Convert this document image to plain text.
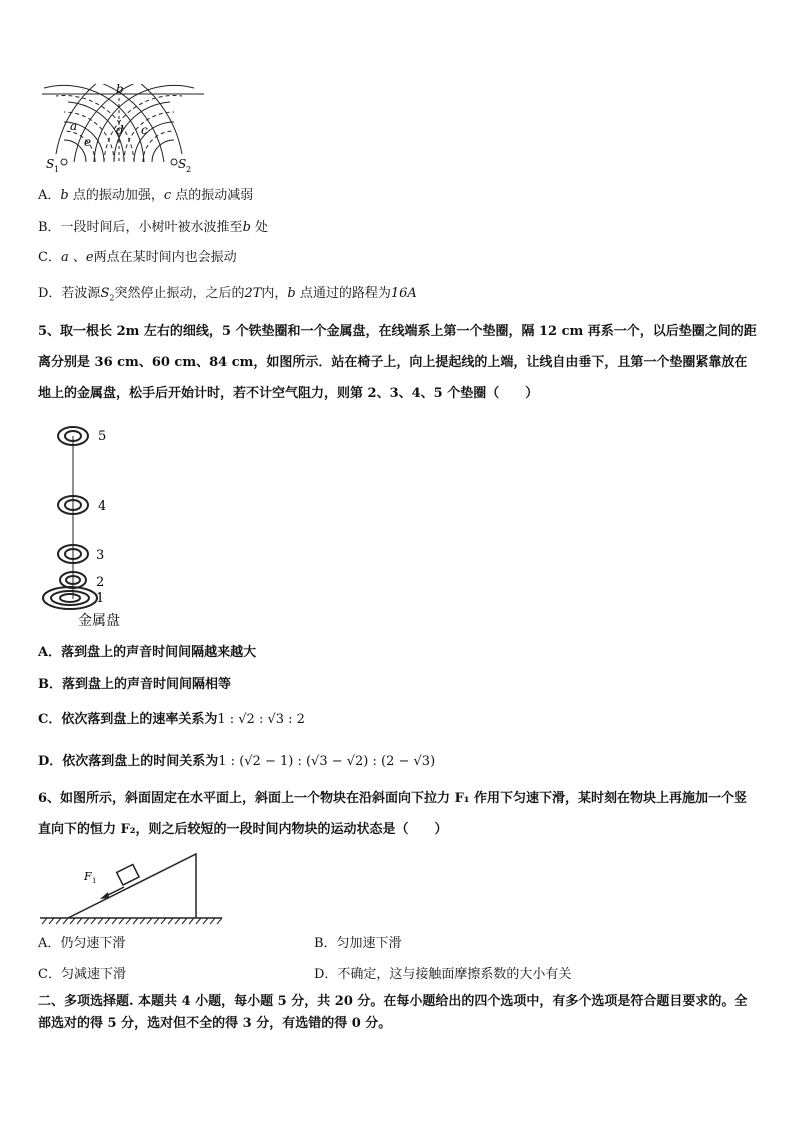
b
a	d c
e
S 1	S 2
A．b 点的振动加强，c 点的振动减弱
B．一段时间后，小树叶被水波推至b 处
C．a 、e两点在某时间内也会振动
D．若波源$S_2$突然停止振动，之后的2T内，b 点通过的路程为16A
5、取一根长 2m 左右的细线，5 个铁垫圈和一个金属盘，在线端系上第一个垫圈，隔 12 cm 再系一个，以后垫圈之间的距离分别是 36 cm、60 cm、84 cm，如图所示．站在椅子上，向上提起线的上端，让线自由垂下，且第一个垫圈紧靠放在地上的金属盘，松手后开始计时，若不计空气阻力，则第 2、3、4、5 个垫圈（　　）
5
4
3
2
1
金属盘
A．落到盘上的声音时间间隔越来越大
B．落到盘上的声音时间间隔相等
C．依次落到盘上的速率关系为1 : √2 : √3 : 2
D．依次落到盘上的时间关系为1 : (√2 − 1) : (√3 − √2) : (2 − √3)
6、如图所示，斜面固定在水平面上，斜面上一个物块在沿斜面向下拉力 F₁ 作用下匀速下滑，某时刻在物块上再施加一个竖直向下的恒力 F₂，则之后较短的一段时间内物块的运动状态是（　　）
F 1
A．仍匀速下滑	B．匀加速下滑
C．匀减速下滑	D．不确定，这与接触面摩擦系数的大小有关
二、多项选择题. 本题共 4 小题，每小题 5 分，共 20 分。在每小题给出的四个选项中，有多个选项是符合题目要求的。全部选对的得 5 分，选对但不全的得 3 分，有选错的得 0 分。
